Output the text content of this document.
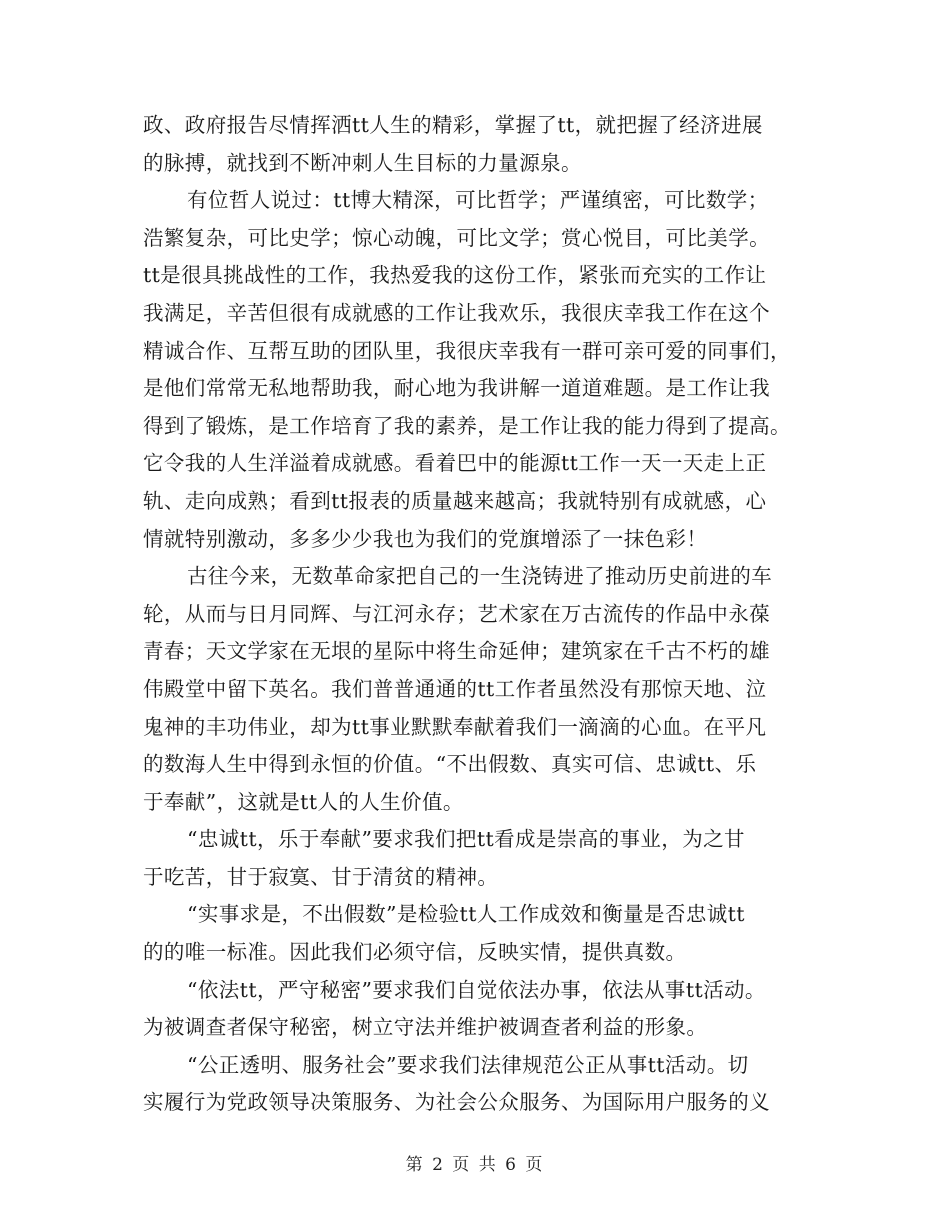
政、政府报告尽情挥洒tt人生的精彩，掌握了tt，就把握了经济进展
的脉搏，就找到不断冲刺人生目标的力量源泉。
有位哲人说过：tt博大精深，可比哲学；严谨缜密，可比数学；
浩繁复杂，可比史学；惊心动魄，可比文学；赏心悦目，可比美学。
tt是很具挑战性的工作，我热爱我的这份工作，紧张而充实的工作让
我满足，辛苦但很有成就感的工作让我欢乐，我很庆幸我工作在这个
精诚合作、互帮互助的团队里，我很庆幸我有一群可亲可爱的同事们，
是他们常常无私地帮助我，耐心地为我讲解一道道难题。是工作让我
得到了锻炼，是工作培育了我的素养，是工作让我的能力得到了提高。
它令我的人生洋溢着成就感。看着巴中的能源tt工作一天一天走上正
轨、走向成熟；看到tt报表的质量越来越高；我就特别有成就感，心
情就特别激动，多多少少我也为我们的党旗增添了一抹色彩！
古往今来，无数革命家把自己的一生浇铸进了推动历史前进的车
轮，从而与日月同辉、与江河永存；艺术家在万古流传的作品中永葆
青春；天文学家在无垠的星际中将生命延伸；建筑家在千古不朽的雄
伟殿堂中留下英名。我们普普通通的tt工作者虽然没有那惊天地、泣
鬼神的丰功伟业，却为tt事业默默奉献着我们一滴滴的心血。在平凡
的数海人生中得到永恒的价值。“不出假数、真实可信、忠诚tt、乐
于奉献”，这就是tt人的人生价值。
“忠诚tt，乐于奉献”要求我们把tt看成是崇高的事业，为之甘
于吃苦，甘于寂寞、甘于清贫的精神。
“实事求是，不出假数”是检验tt人工作成效和衡量是否忠诚tt
的的唯一标准。因此我们必须守信，反映实情，提供真数。
“依法tt，严守秘密”要求我们自觉依法办事，依法从事tt活动。
为被调查者保守秘密，树立守法并维护被调查者利益的形象。
“公正透明、服务社会”要求我们法律规范公正从事tt活动。切
实履行为党政领导决策服务、为社会公众服务、为国际用户服务的义
第 2 页 共 6 页
